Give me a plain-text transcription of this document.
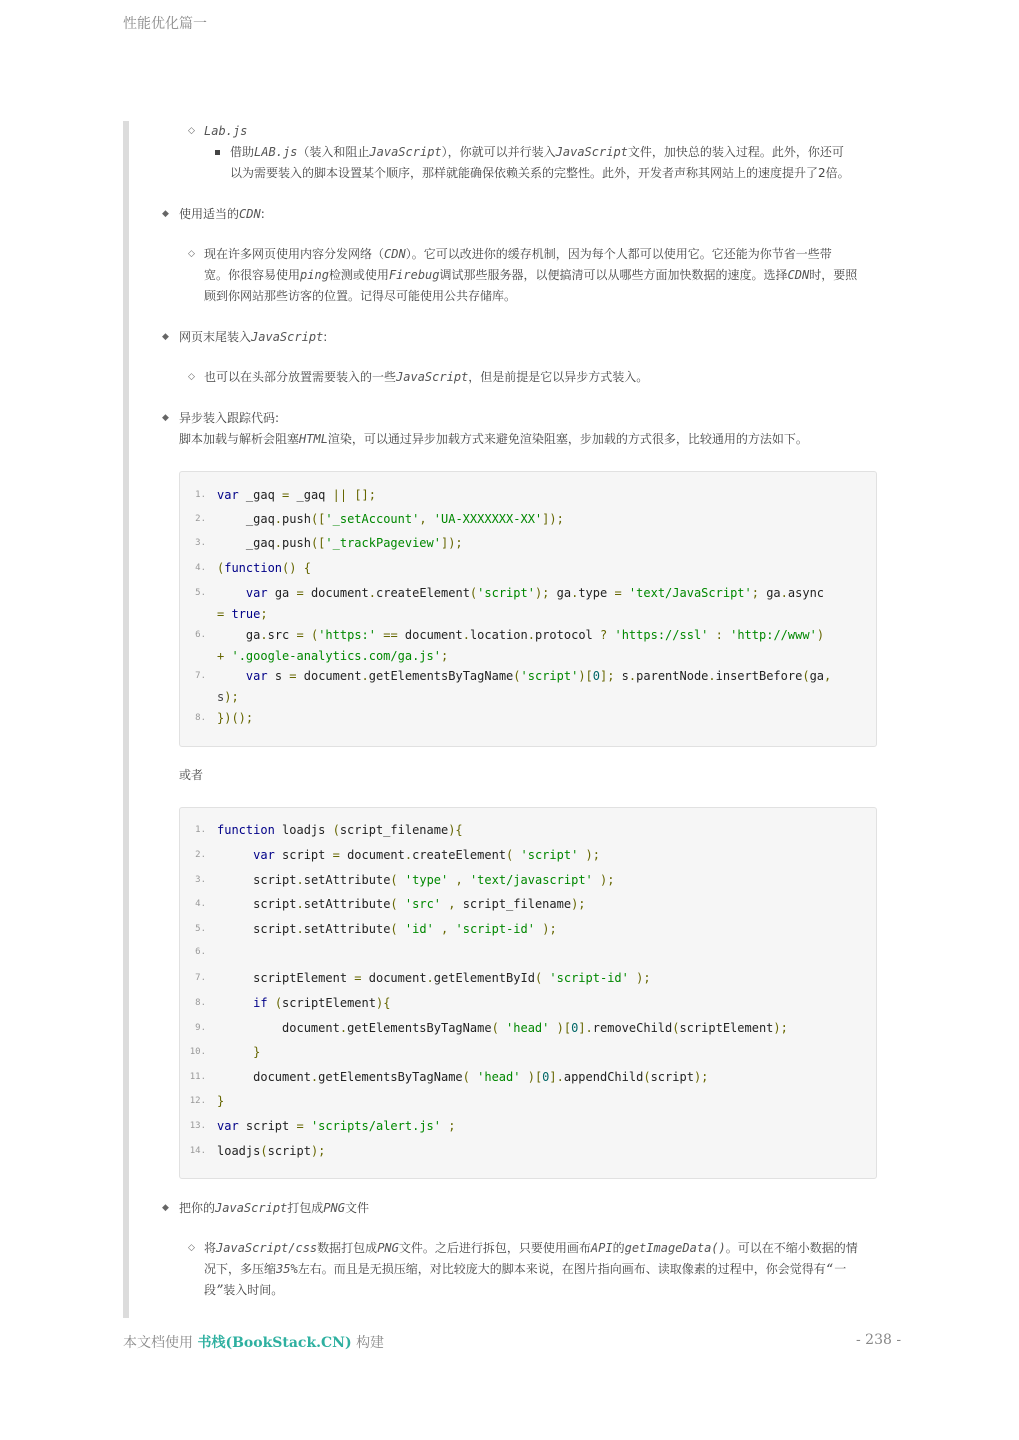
性能优化篇一
◇ Lab.js
借助LAB.js（装入和阻止JavaScript），你就可以并行装入JavaScript文件，加快总的装入过程。此外，你还可
以为需要装入的脚本设置某个顺序，那样就能确保依赖关系的完整性。此外，开发者声称其网站上的速度提升了2倍。
◆ 使用适当的CDN:
◇ 现在许多网页使用内容分发网络（CDN）。它可以改进你的缓存机制，因为每个人都可以使用它。它还能为你节省一些带
宽。你很容易使用ping检测或使用Firebug调试那些服务器，以便搞清可以从哪些方面加快数据的速度。选择CDN时，要照
顾到你网站那些访客的位置。记得尽可能使用公共存储库。
◆ 网页末尾装入JavaScript:
◇ 也可以在头部分放置需要装入的一些JavaScript，但是前提是它以异步方式装入。
◆ 异步装入跟踪代码:
脚本加载与解析会阻塞HTML渲染，可以通过异步加载方式来避免渲染阻塞，步加载的方式很多，比较通用的方法如下。
1. var _gaq = _gaq || [];
2. _gaq.push(['_setAccount', 'UA-XXXXXXX-XX']);
3. _gaq.push(['_trackPageview']);
4. (function() {
5.	var ga = document.createElement('script'); ga.type = 'text/JavaScript'; ga.async
= true;
6. ga.src = ('https:' == document.location.protocol ? 'https://ssl' : 'http://www')
+ '.google-analytics.com/ga.js';
7.	var s = document.getElementsByTagName('script')[0]; s.parentNode.insertBefore(ga,
s);
8. })();
或者
1. function loadjs (script_filename){
2.	var script = document.createElement( 'script' );
3. script.setAttribute( 'type' , 'text/javascript' );
4. script.setAttribute( 'src' , script_filename);
5. script.setAttribute( 'id' , 'script-id' );
6.
7. scriptElement = document.getElementById( 'script-id' );
8.	if (scriptElement){
9. document.getElementsByTagName( 'head' )[0].removeChild(scriptElement);
10.	}
11. document.getElementsByTagName( 'head' )[0].appendChild(script);
12. }
13. var script = 'scripts/alert.js' ;
14. loadjs(script);
◆ 把你的JavaScript打包成PNG文件
◇ 将JavaScript/css数据打包成PNG文件。之后进行拆包，只要使用画布API的getImageData()。可以在不缩小数据的情
况下，多压缩35%左右。而且是无损压缩，对比较庞大的脚本来说，在图片指向画布、读取像素的过程中，你会觉得有“一
段”装入时间。
本文档使用 书栈(BookStack.CN) 构建	- 238 -
